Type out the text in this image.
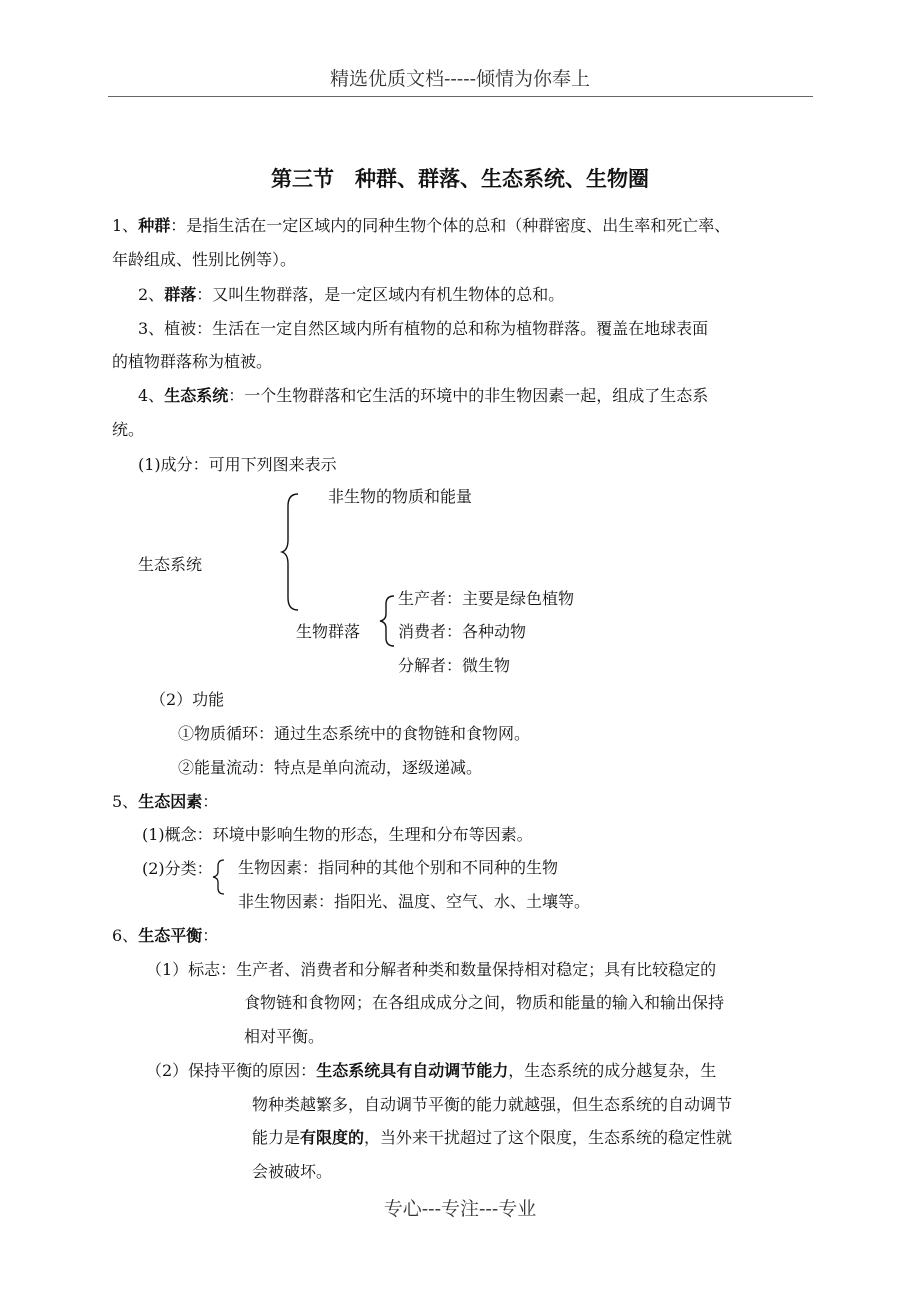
精选优质文档-----倾情为你奉上
第三节　种群、群落、生态系统、生物圈
1、种群：是指生活在一定区域内的同种生物个体的总和（种群密度、出生率和死亡率、
年龄组成、性别比例等）。
2、群落：又叫生物群落，是一定区域内有机生物体的总和。
3、植被：生活在一定自然区域内所有植物的总和称为植物群落。覆盖在地球表面
的植物群落称为植被。
4、生态系统：一个生物群落和它生活的环境中的非生物因素一起，组成了生态系
统。
(1)成分：可用下列图来表示
非生物的物质和能量
生态系统
生物群落
生产者：主要是绿色植物
消费者：各种动物
分解者：微生物
（2）功能
①物质循环：通过生态系统中的食物链和食物网。
②能量流动：特点是单向流动，逐级递减。
5、生态因素：
(1)概念：环境中影响生物的形态，生理和分布等因素。
(2)分类： 生物因素：指同种的其他个别和不同种的生物
非生物因素：指阳光、温度、空气、水、土壤等。
6、生态平衡：
（1）标志：生产者、消费者和分解者种类和数量保持相对稳定；具有比较稳定的
食物链和食物网；在各组成成分之间，物质和能量的输入和输出保持
相对平衡。
（2）保持平衡的原因：生态系统具有自动调节能力，生态系统的成分越复杂，生
物种类越繁多，自动调节平衡的能力就越强，但生态系统的自动调节
能力是有限度的，当外来干扰超过了这个限度，生态系统的稳定性就
会被破坏。
专心---专注---专业
